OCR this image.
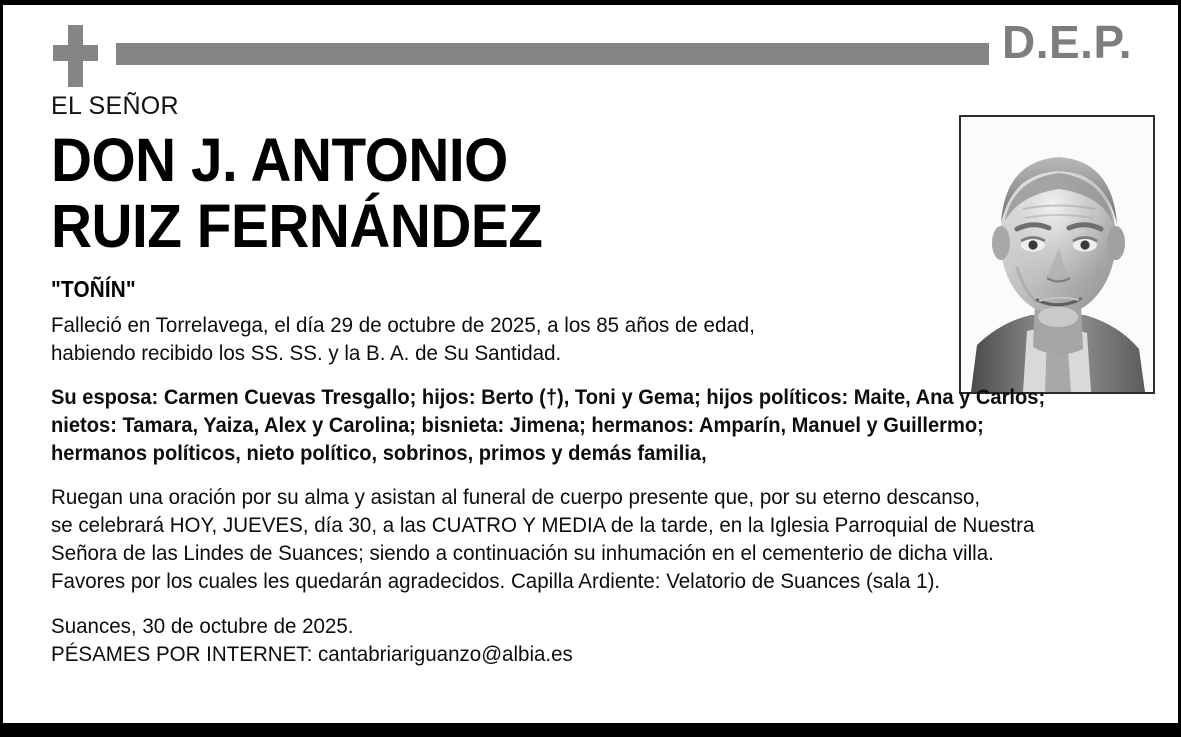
D.E.P.
EL SEÑOR
DON J. ANTONIO
RUIZ FERNÁNDEZ
"TOÑÍN"
Falleció en Torrelavega, el día 29 de octubre de 2025, a los 85 años de edad,
habiendo recibido los SS. SS. y la B. A. de Su Santidad.
Su esposa: Carmen Cuevas Tresgallo; hijos: Berto (†), Toni y Gema; hijos políticos: Maite, Ana y Carlos;
nietos: Tamara, Yaiza, Alex y Carolina; bisnieta: Jimena; hermanos: Amparín, Manuel y Guillermo;
hermanos políticos, nieto político, sobrinos, primos y demás familia,
Ruegan una oración por su alma y asistan al funeral de cuerpo presente que, por su eterno descanso,
se celebrará HOY, JUEVES, día 30, a las CUATRO Y MEDIA de la tarde, en la Iglesia Parroquial de Nuestra
Señora de las Lindes de Suances; siendo a continuación su inhumación en el cementerio de dicha villa.
Favores por los cuales les quedarán agradecidos. Capilla Ardiente: Velatorio de Suances (sala 1).
Suances, 30 de octubre de 2025.
PÉSAMES POR INTERNET: cantabriariguanzo@albia.es
